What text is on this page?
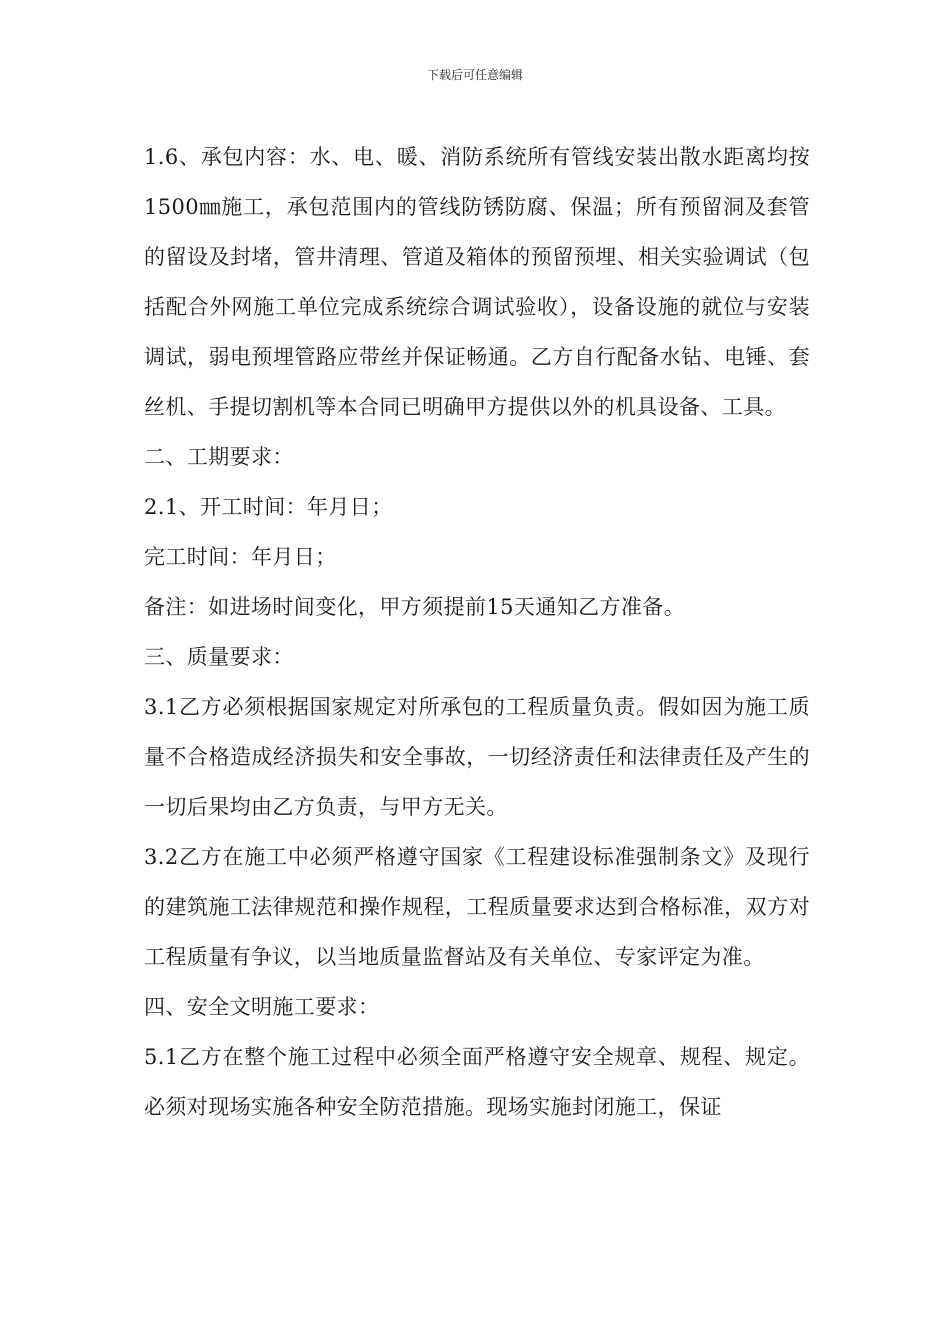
下载后可任意编辑

1.6、承包内容：水、电、暖、消防系统所有管线安装出散水距离均按1500㎜施工，承包范围内的管线防锈防腐、保温；所有预留洞及套管的留设及封堵，管井清理、管道及箱体的预留预埋、相关实验调试（包括配合外网施工单位完成系统综合调试验收），设备设施的就位与安装调试，弱电预埋管路应带丝并保证畅通。乙方自行配备水钻、电锤、套丝机、手提切割机等本合同已明确甲方提供以外的机具设备、工具。

二、工期要求：

2.1、开工时间：年月日；

完工时间：年月日；

备注：如进场时间变化，甲方须提前15天通知乙方准备。

三、质量要求：

3.1乙方必须根据国家规定对所承包的工程质量负责。假如因为施工质量不合格造成经济损失和安全事故，一切经济责任和法律责任及产生的一切后果均由乙方负责，与甲方无关。

3.2乙方在施工中必须严格遵守国家《工程建设标准强制条文》及现行的建筑施工法律规范和操作规程，工程质量要求达到合格标准，双方对工程质量有争议，以当地质量监督站及有关单位、专家评定为准。

四、安全文明施工要求：

5.1乙方在整个施工过程中必须全面严格遵守安全规章、规程、规定。必须对现场实施各种安全防范措施。现场实施封闭施工，保证
